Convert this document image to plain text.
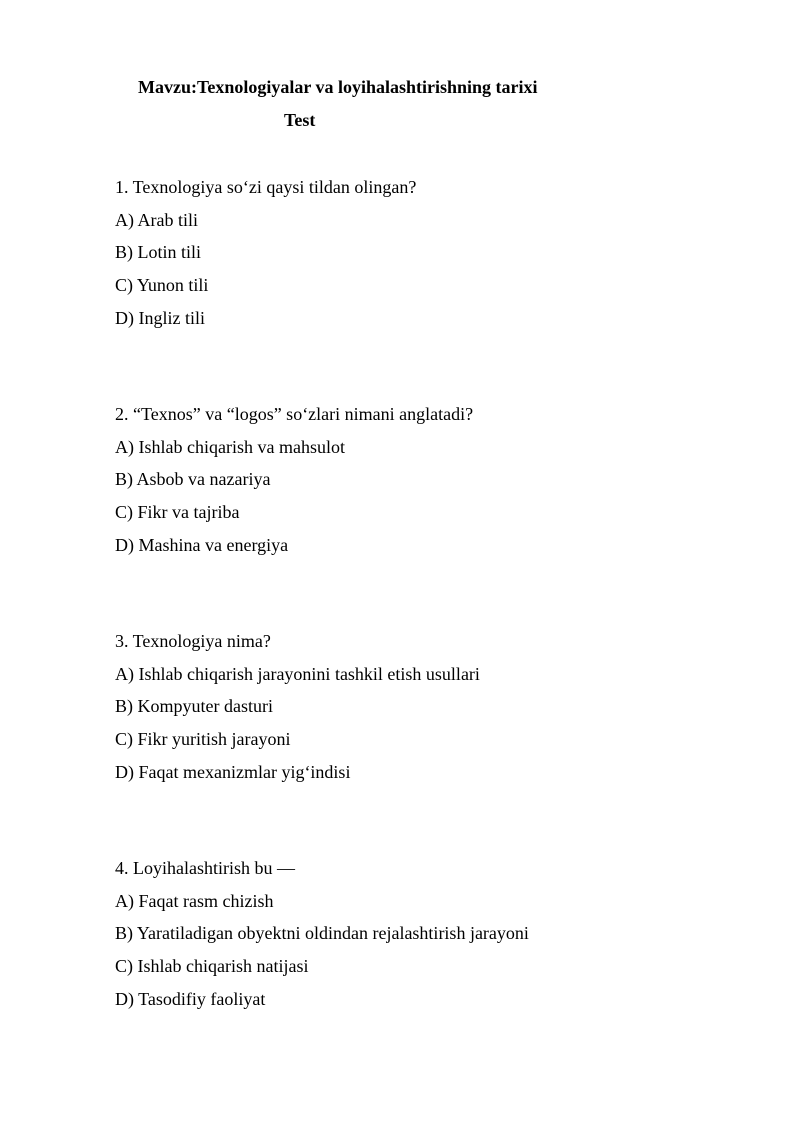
Mavzu:Texnologiyalar va loyihalashtirishning tarixi
Test
1. Texnologiya so‘zi qaysi tildan olingan?
A) Arab tili
B) Lotin tili
C) Yunon tili
D) Ingliz tili
2. “Texnos” va “logos” so‘zlari nimani anglatadi?
A) Ishlab chiqarish va mahsulot
B) Asbob va nazariya
C) Fikr va tajriba
D) Mashina va energiya
3. Texnologiya nima?
A) Ishlab chiqarish jarayonini tashkil etish usullari
B) Kompyuter dasturi
C) Fikr yuritish jarayoni
D) Faqat mexanizmlar yig‘indisi
4. Loyihalashtirish bu —
A) Faqat rasm chizish
B) Yaratiladigan obyektni oldindan rejalashtirish jarayoni
C) Ishlab chiqarish natijasi
D) Tasodifiy faoliyat
